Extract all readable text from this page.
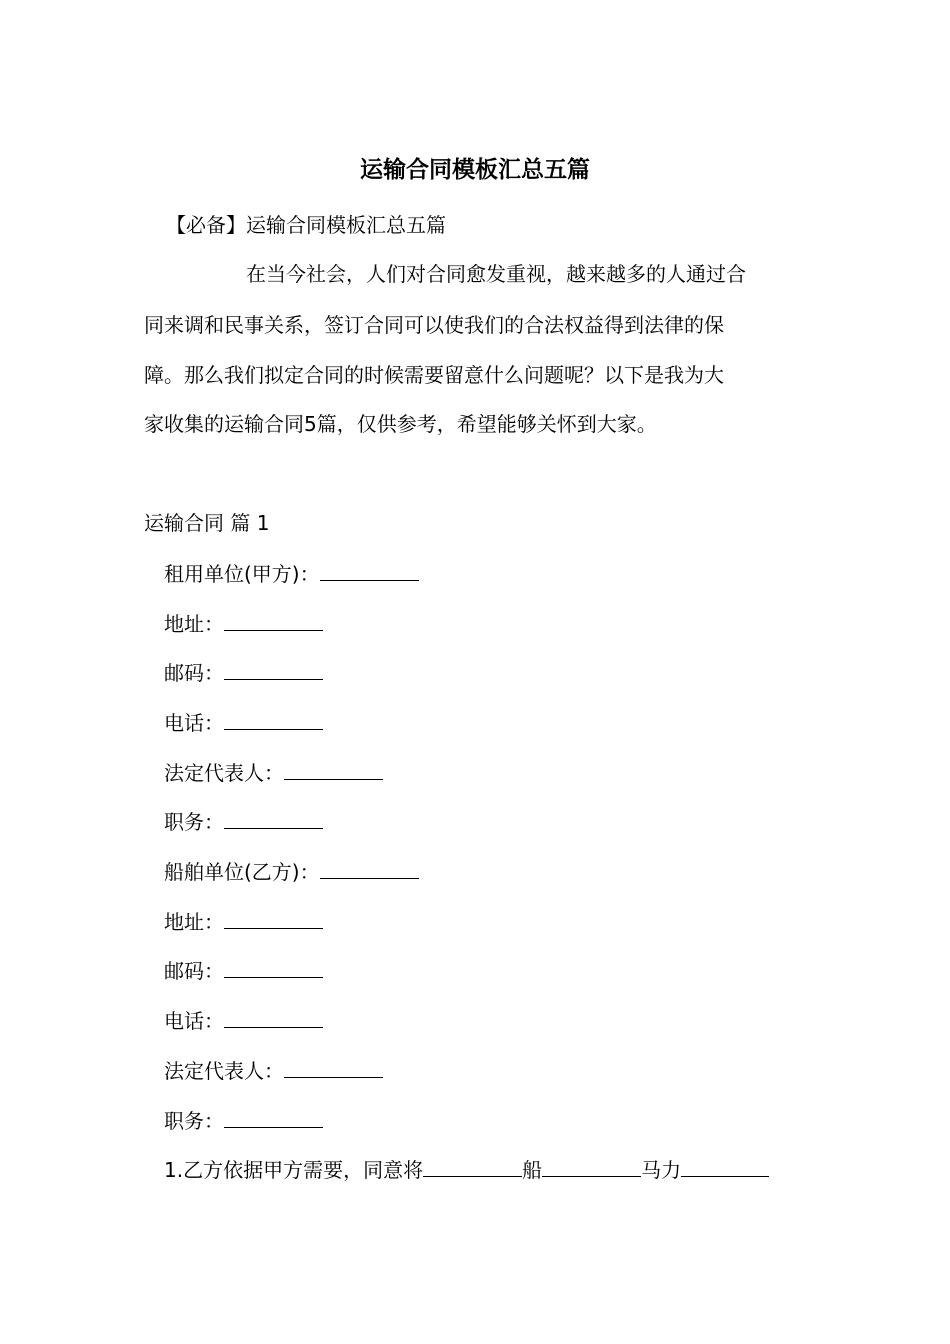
运输合同模板汇总五篇
【必备】运输合同模板汇总五篇
在当今社会，人们对合同愈发重视，越来越多的人通过合
同来调和民事关系，签订合同可以使我们的合法权益得到法律的保
障。那么我们拟定合同的时候需要留意什么问题呢？以下是我为大
家收集的运输合同5篇，仅供参考，希望能够关怀到大家。
运输合同 篇 1
租用单位(甲方)：
地址：
邮码：
电话：
法定代表人：
职务：
船舶单位(乙方)：
地址：
邮码：
电话：
法定代表人：
职务：
1.乙方依据甲方需要，同意将	船	马力
